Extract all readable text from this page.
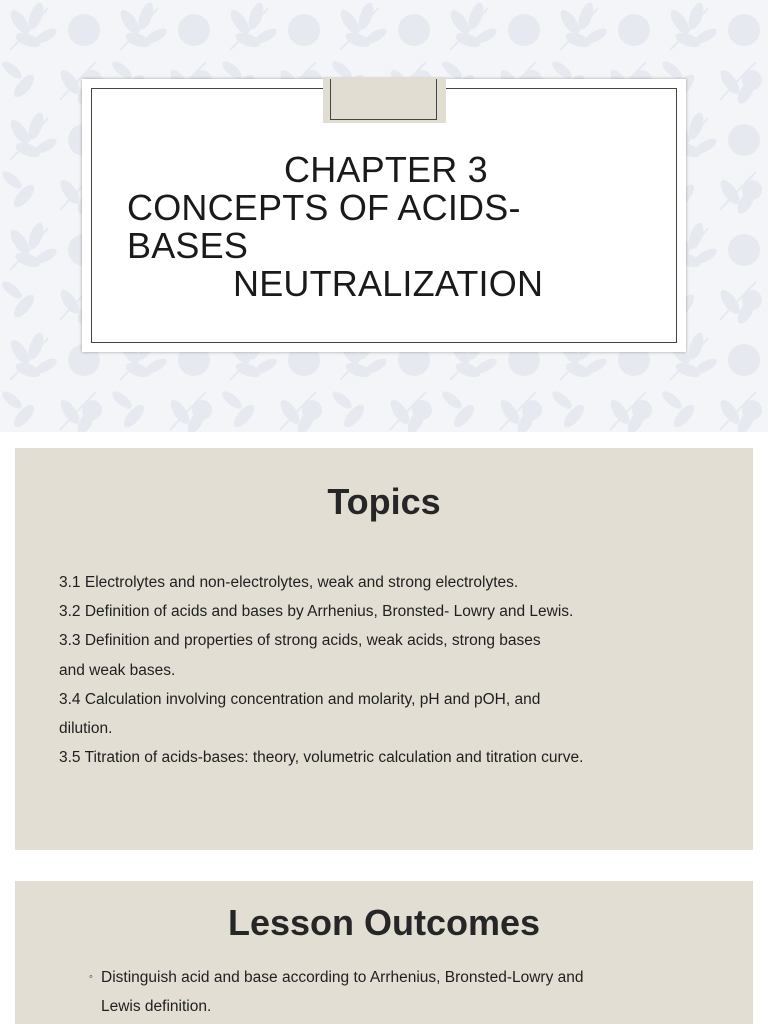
CHAPTER 3
CONCEPTS OF ACIDS-
BASES
NEUTRALIZATION
Topics
3.1 Electrolytes and non-electrolytes, weak and strong electrolytes.
3.2 Definition of acids and bases by Arrhenius, Bronsted- Lowry and Lewis.
3.3 Definition and properties of strong acids, weak acids, strong bases
and weak bases.
3.4 Calculation involving concentration and molarity, pH and pOH, and
dilution.
3.5 Titration of acids-bases: theory, volumetric calculation and titration curve.
Lesson Outcomes
◦ Distinguish acid and base according to Arrhenius, Bronsted-Lowry and
Lewis definition.
